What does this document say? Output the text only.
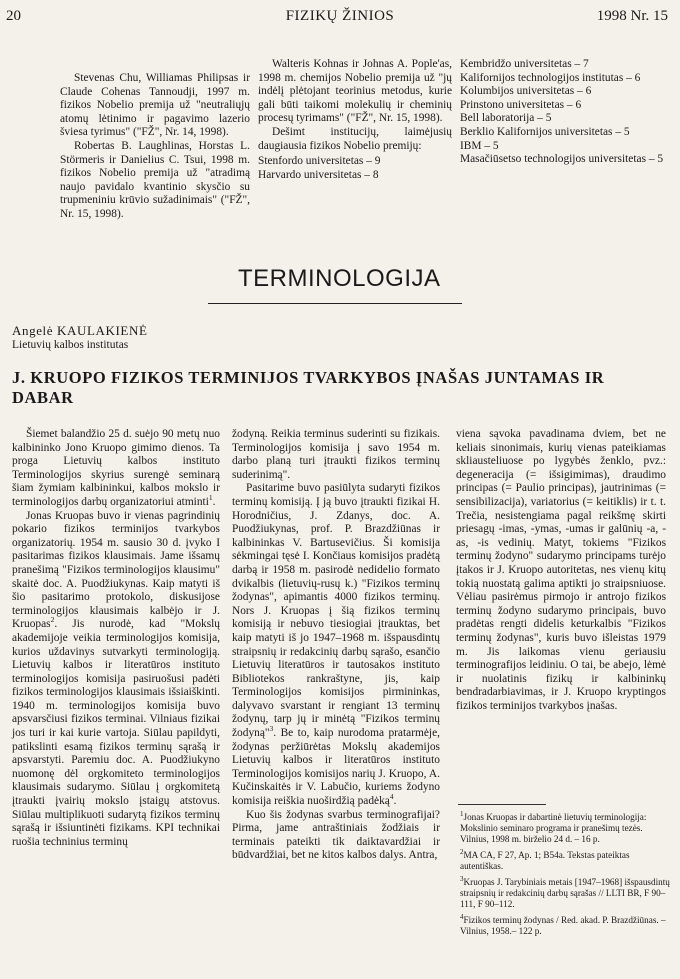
20	FIZIKŲ ŽINIOS	1998 Nr. 15

Stevenas Chu, Williamas Philipsas ir Claude Cohenas Tannoudji, 1997 m. fizikos Nobelio premija už "neutraliųjų atomų lėtinimo ir pagavimo lazerio šviesa tyrimus" ("FŽ", Nr. 14, 1998).

Robertas B. Laughlinas, Horstas L. Störmeris ir Danielius C. Tsui, 1998 m. fizikos Nobelio premija už "atradimą naujo pavidalo kvantinio skysčio su trupmeniniu krūvio sužadinimais" ("FŽ", Nr. 15, 1998).

Walteris Kohnas ir Johnas A. Pople'as, 1998 m. chemijos Nobelio premija už "jų indėlį plėtojant teorinius metodus, kurie gali būti taikomi molekulių ir cheminių procesų tyrimams" ("FŽ", Nr. 15, 1998).

Dešimt institucijų, laimėjusių daugiausia fizikos Nobelio premijų:

Stenfordo universitetas – 9
Harvardo universitetas – 8
Kembridžo universitetas – 7
Kalifornijos technologijos institutas – 6
Kolumbijos universitetas – 6
Prinstono universitetas – 6
Bell laboratorija – 5
Berklio Kalifornijos universitetas – 5
IBM – 5
Masačiūsetso technologijos universitetas – 5
TERMINOLOGIJA
Angelė KAULAKIENĖ
Lietuvių kalbos institutas
J. KRUOPO FIZIKOS TERMINIJOS TVARKYBOS ĮNAŠAS JUNTAMAS IR DABAR

Šiemet balandžio 25 d. suėjo 90 metų nuo kalbininko Jono Kruopo gimimo dienos. Ta proga Lietuvių kalbos instituto Terminologijos skyrius surengė seminarą šiam žymiam kalbininkui, kalbos mokslo ir terminologijos darbų organizatoriui atminti$^1$.

Jonas Kruopas buvo ir vienas pagrindinių pokario fizikos terminijos tvarkybos organizatorių. 1954 m. sausio 30 d. įvyko I pasitarimas fizikos klausimais. Jame išsamų pranešimą "Fizikos terminologijos klausimu" skaitė doc. A. Puodžiukynas. Kaip matyti iš šio pasitarimo protokolo, diskusijose terminologijos klausimais kalbėjo ir J. Kruopas$^2$. Jis nurodė, kad "Mokslų akademijoje veikia terminologijos komisija, kurios uždavinys sutvarkyti terminologiją. Lietuvių kalbos ir literatūros instituto terminologijos komisija pasiruošusi padėti fizikos terminologijos klausimais išsiaiškinti. 1940 m. terminologijos komisija buvo apsvarsčiusi fizikos terminai. Vilniaus fizikai jos turi ir kai kurie vartoja. Siūlau papildyti, patikslinti esamą fizikos terminų sąrašą ir apsvarstyti. Paremiu doc. A. Puodžiukyno nuomonę dėl orgkomiteto terminologijos klausimais sudarymo. Siūlau į orgkomitetą įtraukti įvairių mokslo įstaigų atstovus. Siūlau multiplikuoti sudarytą fizikos terminų sąrašą ir išsiuntinėti fizikams. KPI technikai ruošia techninius terminų

žodyną. Reikia terminus suderinti su fizikais. Terminologijos komisija į savo 1954 m. darbo planą turi įtraukti fizikos terminų suderinimą".

Pasitarime buvo pasiūlyta sudaryti fizikos terminų komisiją. Į ją buvo įtraukti fizikai H. Horodničius, J. Zdanys, doc. A. Puodžiukynas, prof. P. Brazdžiūnas ir kalbininkas V. Bartusevičius. Ši komisija sėkmingai tęsė I. Končiaus komisijos pradėtą darbą ir 1958 m. pasirodė nedidelio formato dvikalbis (lietuvių-rusų k.) "Fizikos terminų žodynas", apimantis 4000 fizikos terminų. Nors J. Kruopas į šią fizikos terminų komisiją ir nebuvo tiesiogiai įtrauktas, bet kaip matyti iš jo 1947–1968 m. išspausdintų straipsnių ir redakcinių darbų sąrašo, esančio Lietuvių literatūros ir tautosakos instituto Bibliotekos rankraštyne, jis, kaip Terminologijos komisijos pirmininkas, dalyvavo svarstant ir rengiant 13 terminų žodynų, tarp jų ir minėtą "Fizikos terminų žodyną"$^3$. Be to, kaip nurodoma pratarmėje, žodynas peržiūrėtas Mokslų akademijos Lietuvių kalbos ir literatūros instituto Terminologijos komisijos narių J. Kruopo, A. Kučinskaitės ir V. Labučio, kuriems žodyno komisija reiškia nuoširdžią padėką$^4$.

Kuo šis žodynas svarbus terminografijai? Pirma, jame antraštiniais žodžiais ir terminais pateikti tik daiktavardžiai ir būdvardžiai, bet ne kitos kalbos dalys. Antra,

viena sąvoka pavadinama dviem, bet ne keliais sinonimais, kurių vienas pateikiamas skliausteliuose po lygybės ženklo, pvz.: degeneracija (= išsigimimas), draudimo principas (= Paulio principas), jautrinimas (= sensibilizacija), variatorius (= keitiklis) ir t. t. Trečia, nesistengiama pagal reikšmę skirti priesagų -imas, -ymas, -umas ir galūnių -a, -as, -is vedinių. Matyt, tokiems "Fizikos terminų žodyno" sudarymo principams turėjo įtakos ir J. Kruopo autoritetas, nes vienų kitų tokią nuostatą galima aptikti jo straipsniuose. Vėliau pasirėmus pirmojo ir antrojo fizikos terminų žodyno sudarymo principais, buvo pradėtas rengti didelis keturkalbis "Fizikos terminų žodynas", kuris buvo išleistas 1979 m. Jis laikomas vienu geriausiu terminografijos leidiniu. O tai, be abejo, lėmė ir nuolatinis fizikų ir kalbininkų bendradarbiavimas, ir J. Kruopo kryptingos fizikos terminijos tvarkybos įnašas.

$^1$Jonas Kruopas ir dabartinė lietuvių terminologija: Mokslinio seminaro programa ir pranešimų tezės. Vilnius, 1998 m. birželio 24 d. – 16 p.

$^2$MA CA, F 27, Ap. 1; B54a. Tekstas pateiktas autentiškas.

$^3$Kruopas J. Tarybiniais metais [1947–1968] išspausdintų straipsnių ir redakcinių darbų sąrašas // LLTI BR, F 90–111, F 90–112.

$^4$Fizikos terminų žodynas / Red. akad. P. Brazdžiūnas. – Vilnius, 1958.– 122 p.
